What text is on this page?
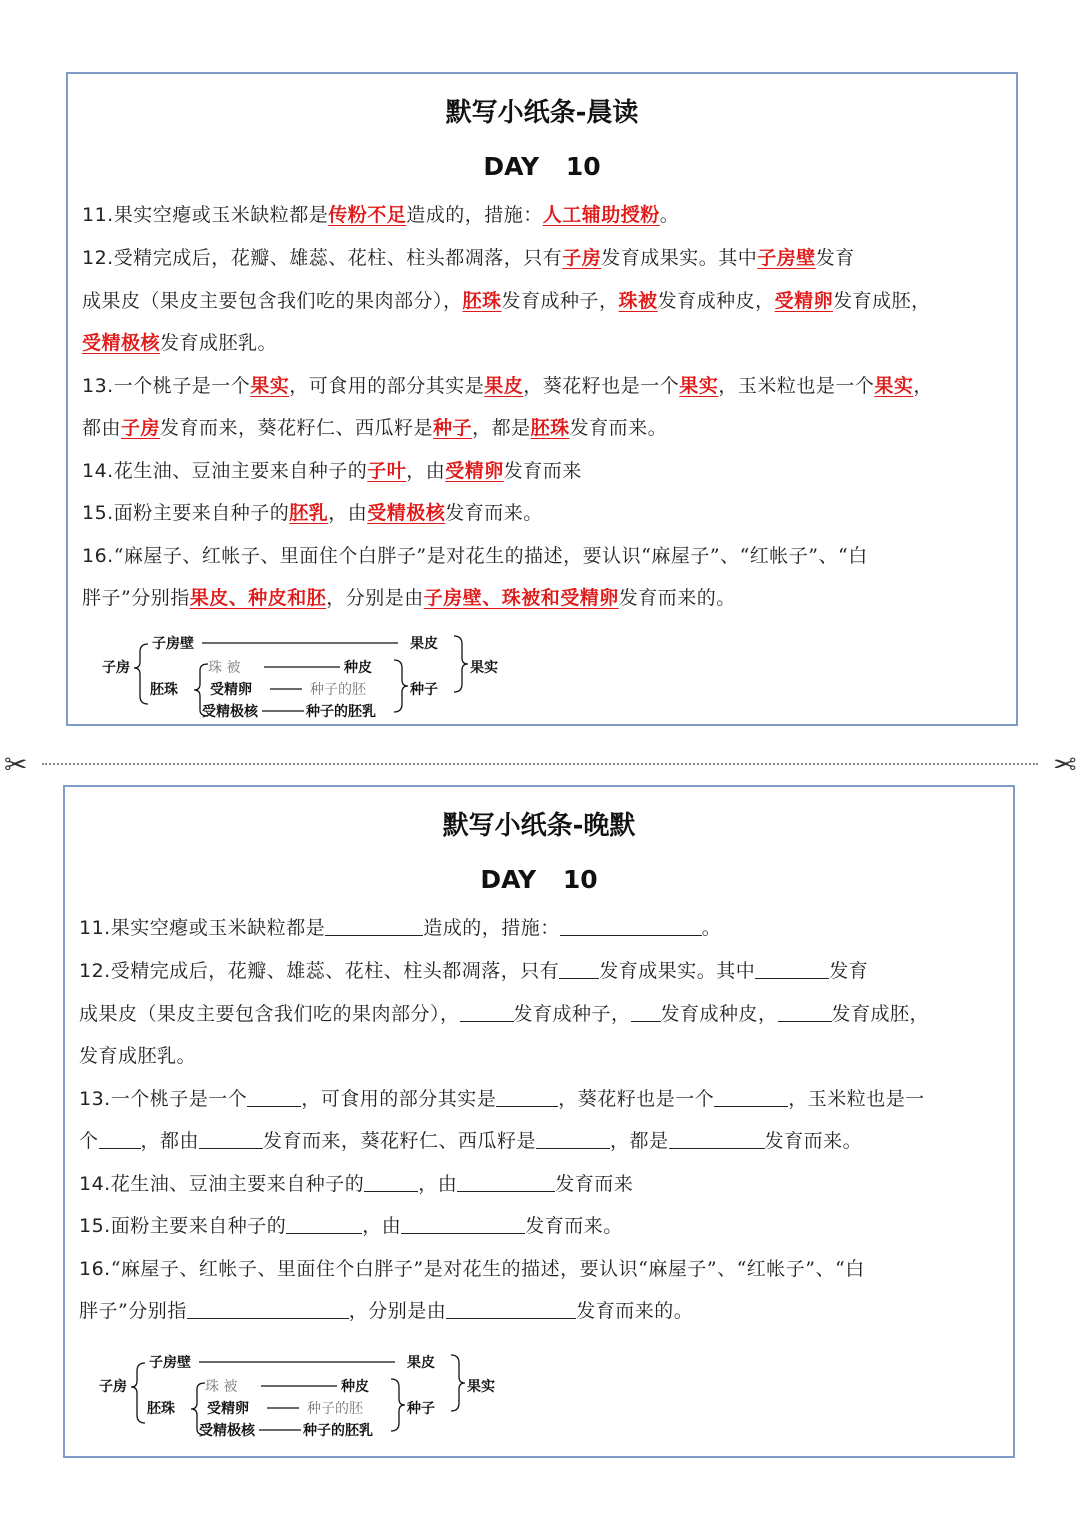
默写小纸条-晨读
DAY 10
11.果实空瘪或玉米缺粒都是传粉不足造成的，措施：人工辅助授粉。
12.受精完成后，花瓣、雄蕊、花柱、柱头都凋落，只有子房发育成果实。其中子房壁发育
成果皮（果皮主要包含我们吃的果肉部分），胚珠发育成种子，珠被发育成种皮，受精卵发育成胚，
受精极核发育成胚乳。
13.一个桃子是一个果实，可食用的部分其实是果皮，葵花籽也是一个果实，玉米粒也是一个果实，
都由子房发育而来，葵花籽仁、西瓜籽是种子，都是胚珠发育而来。
14.花生油、豆油主要来自种子的子叶，由受精卵发育而来
15.面粉主要来自种子的胚乳，由受精极核发育而来。
16.“麻屋子、红帐子、里面住个白胖子”是对花生的描述，要认识“麻屋子”、“红帐子”、“白
胖子”分别指果皮、种皮和胚，分别是由子房壁、珠被和受精卵发育而来的。
子房
子房壁	果皮
胚珠
珠 被	种皮
受精卵	种子的胚
受精极核	种子的胚乳
种子
果实
✂	✂
默写小纸条-晚默
DAY 10
11.果实空瘪或玉米缺粒都是	造成的，措施：	。
12.受精完成后，花瓣、雄蕊、花柱、柱头都凋落，只有 发育成果实。其中	发育
成果皮（果皮主要包含我们吃的果肉部分），	发育成种子， 发育成种皮，	发育成胚，
发育成胚乳。
13.一个桃子是一个	，可食用的部分其实是	，葵花籽也是一个	，玉米粒也是一
个 ，都由	发育而来，葵花籽仁、西瓜籽是	，都是	发育而来。
14.花生油、豆油主要来自种子的	，由	发育而来
15.面粉主要来自种子的	，由	发育而来。
16.“麻屋子、红帐子、里面住个白胖子”是对花生的描述，要认识“麻屋子”、“红帐子”、“白
胖子”分别指	，分别是由	发育而来的。
子房
子房壁	果皮
胚珠
珠 被	种皮
受精卵	种子的胚
受精极核	种子的胚乳
种子
果实
